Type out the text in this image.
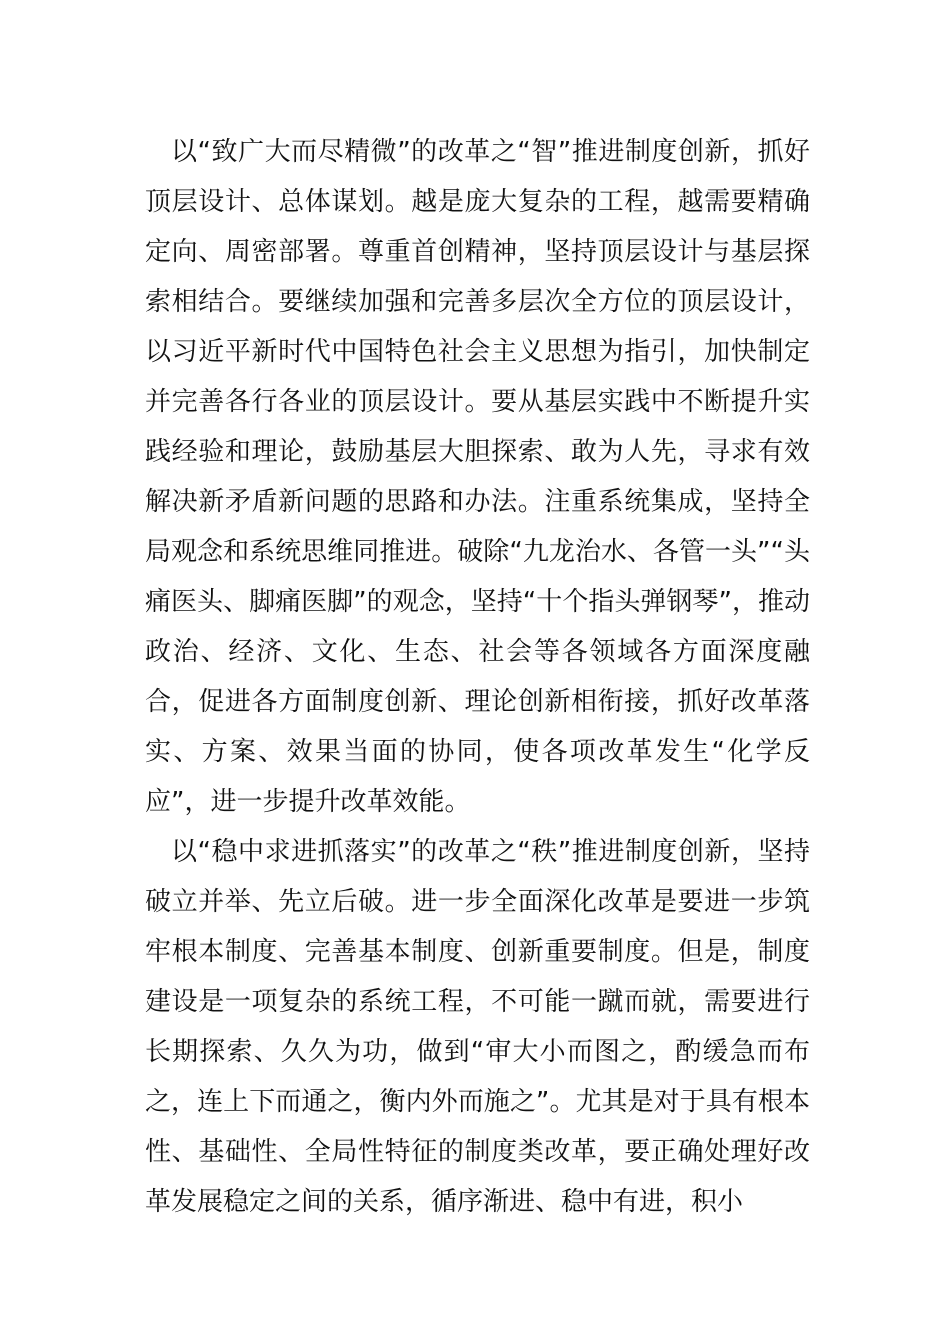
以“致广大而尽精微”的改革之“智”推进制度创新，抓好顶层设计、总体谋划。越是庞大复杂的工程，越需要精确定向、周密部署。尊重首创精神，坚持顶层设计与基层探索相结合。要继续加强和完善多层次全方位的顶层设计，以习近平新时代中国特色社会主义思想为指引，加快制定并完善各行各业的顶层设计。要从基层实践中不断提升实践经验和理论，鼓励基层大胆探索、敢为人先，寻求有效解决新矛盾新问题的思路和办法。注重系统集成，坚持全局观念和系统思维同推进。破除“九龙治水、各管一头”“头痛医头、脚痛医脚”的观念，坚持“十个指头弹钢琴”，推动政治、经济、文化、生态、社会等各领域各方面深度融合，促进各方面制度创新、理论创新相衔接，抓好改革落实、方案、效果当面的协同，使各项改革发生“化学反应”，进一步提升改革效能。

以“稳中求进抓落实”的改革之“秩”推进制度创新，坚持破立并举、先立后破。进一步全面深化改革是要进一步筑牢根本制度、完善基本制度、创新重要制度。但是，制度建设是一项复杂的系统工程，不可能一蹴而就，需要进行长期探索、久久为功，做到“审大小而图之，酌缓急而布之，连上下而通之，衡内外而施之”。尤其是对于具有根本性、基础性、全局性特征的制度类改革，要正确处理好改革发展稳定之间的关系，循序渐进、稳中有进，积小
